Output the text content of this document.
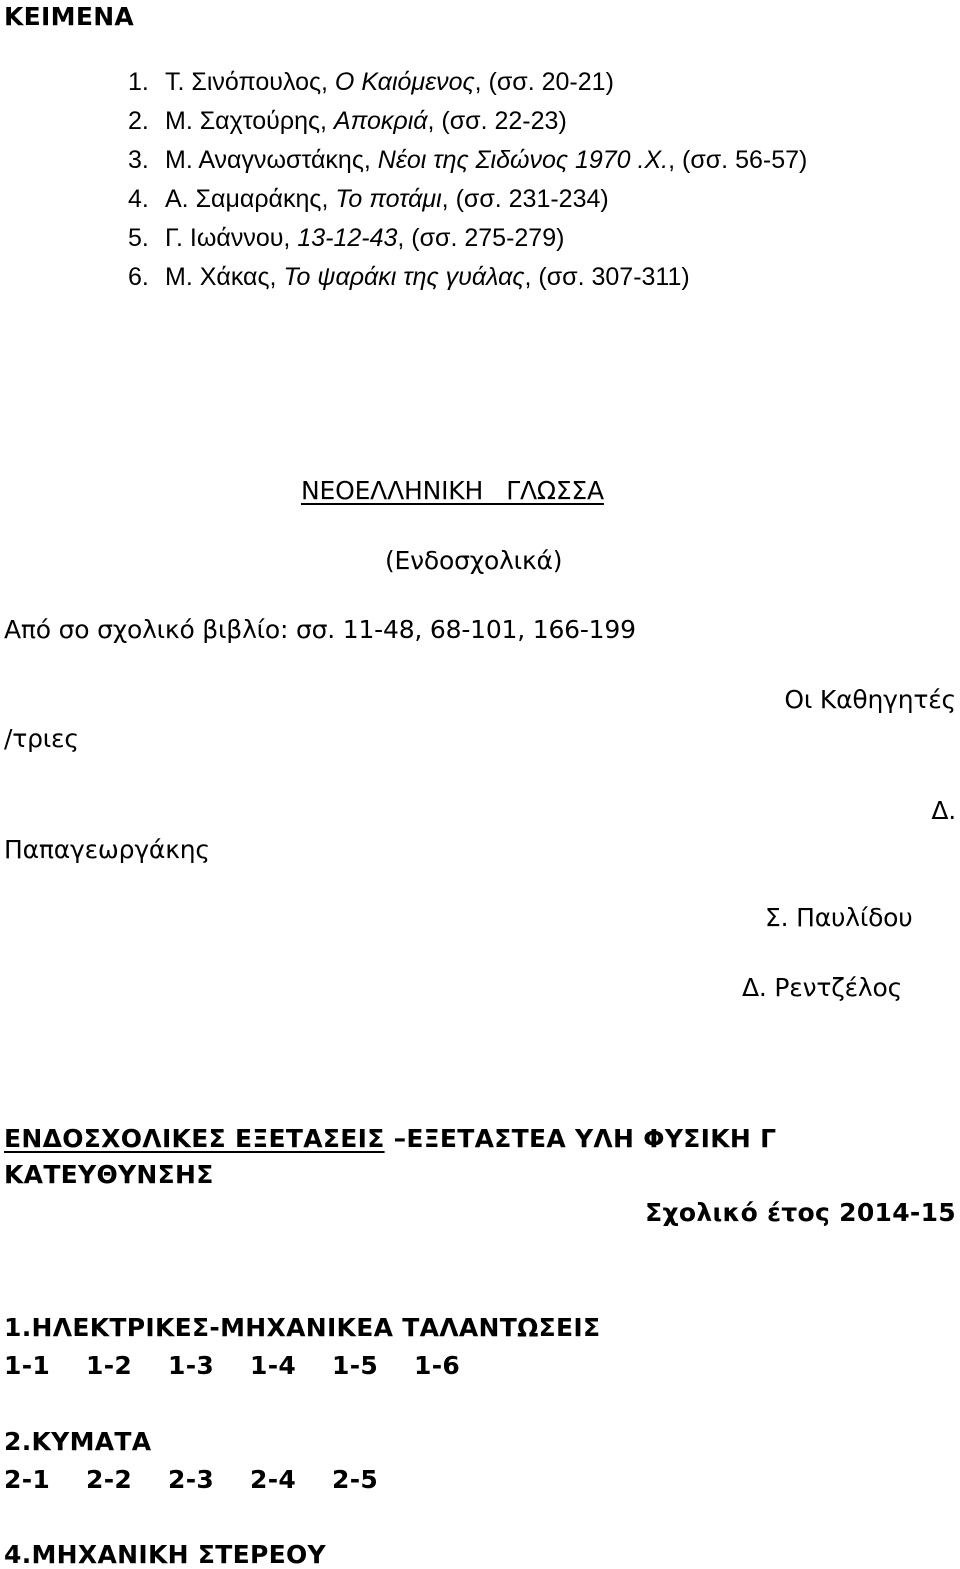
ΚΕΙΜΕΝΑ
1. Τ. Σινόπουλος, Ο Καιόμενος, (σσ. 20-21)
2. Μ. Σαχτούρης, Αποκριά, (σσ. 22-23)
3. Μ. Αναγνωστάκης, Νέοι της Σιδώνος 1970 .Χ., (σσ. 56-57)
4. Α. Σαμαράκης, Το ποτάμι, (σσ. 231-234)
5. Γ. Ιωάννου, 13-12-43, (σσ. 275-279)
6. Μ. Χάκας, Το ψαράκι της γυάλας, (σσ. 307-311)
ΝΕΟΕΛΛΗΝΙΚΗ   ΓΛΩΣΣΑ
(Ενδοσχολικά)
Από σο σχολικό βιβλίο: σσ. 11-48, 68-101, 166-199
Οι Καθηγητές
/τριες
Δ.
Παπαγεωργάκης
Σ. Παυλίδου
Δ. Ρεντζέλος
ΕΝΔΟΣΧΟΛΙΚΕΣ ΕΞΕΤΑΣΕΙΣ –ΕΞΕΤΑΣΤΕΑ ΥΛΗ ΦΥΣΙΚΗ Γ
ΚΑΤΕΥΘΥΝΣΗΣ
Σχολικό έτος 2014-15
1.ΗΛΕΚΤΡΙΚΕΣ-ΜΗΧΑΝΙΚΕΑ ΤΑΛΑΝΤΩΣΕΙΣ
1-1 1-2 1-3 1-4 1-5 1-6
2.ΚΥΜΑΤΑ
2-1 2-2 2-3 2-4 2-5
4.ΜΗΧΑΝΙΚΗ ΣΤΕΡΕΟΥ
